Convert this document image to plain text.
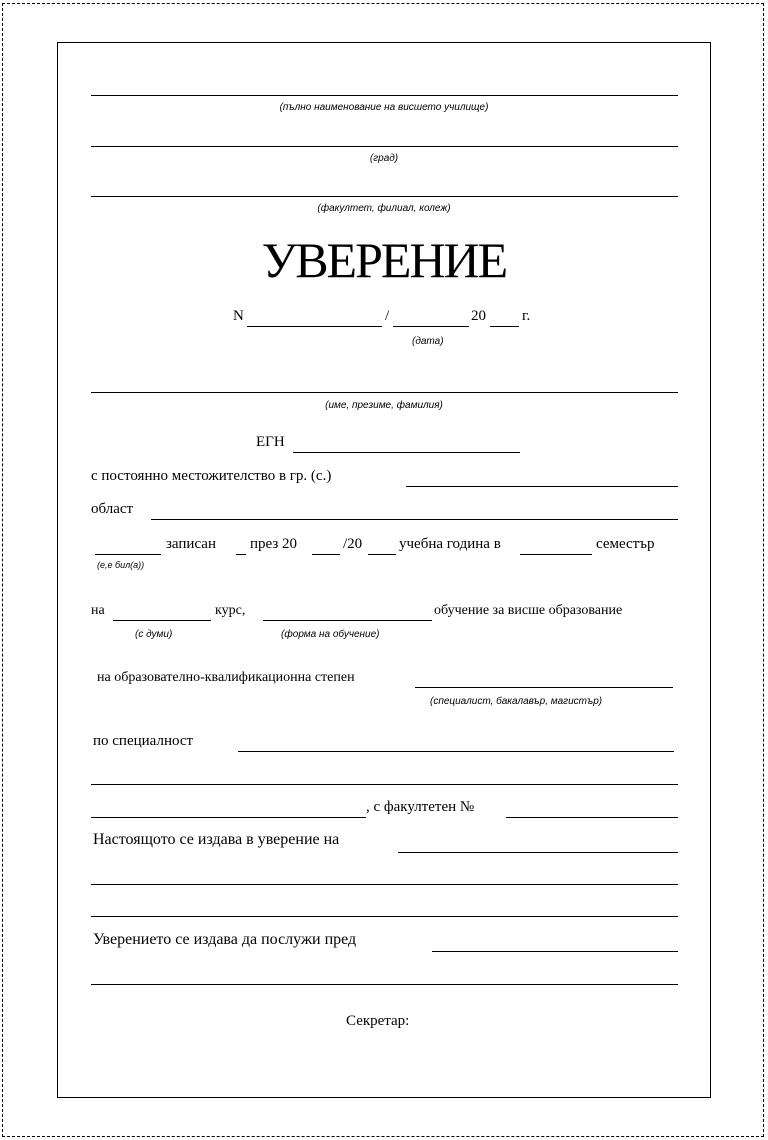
(пълно наименование на висшето училище)
(град)
(факултет, филиал, колеж)
УВЕРЕНИЕ
N	/	20 г.
(дата)
(име, презиме, фамилия)
ЕГН
с постоянно местожителство в гр. (с.)
област
записан през 20	/20 учебна година в	семестър
(е,е бил(а))
на	курс,	обучение за висше образование
(с думи)	(форма на обучение)
на образователно-квалификационна степен
(специалист, бакалавър, магистър)
по специалност
, с факултетен №
Настоящото се издава в уверение на
Уверението се издава да послужи пред
Секретар:
